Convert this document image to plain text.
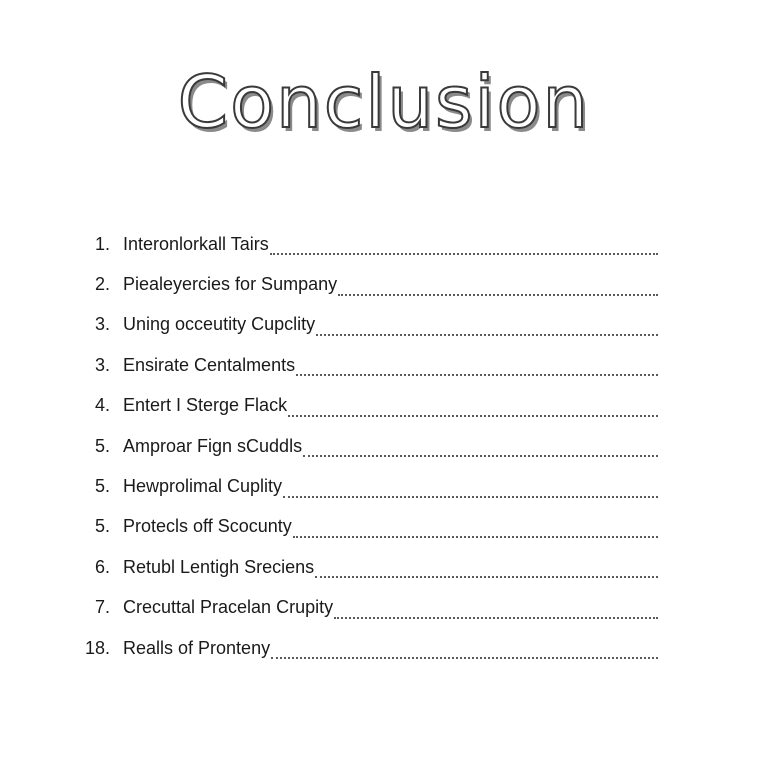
Conclusion
1. Interonlorkall Tairs
2. Piealeyercies for Sumpany
3. Uning occeutity Cupclity
3. Ensirate Centalments
4. Entert I Sterge Flack
5. Amproar Fign sCuddls
5. Hewprolimal Cuplity
5. Protecls off Scocunty
6. Retubl Lentigh Sreciens
7. Crecuttal Pracelan Crupity
18. Realls of Pronteny
